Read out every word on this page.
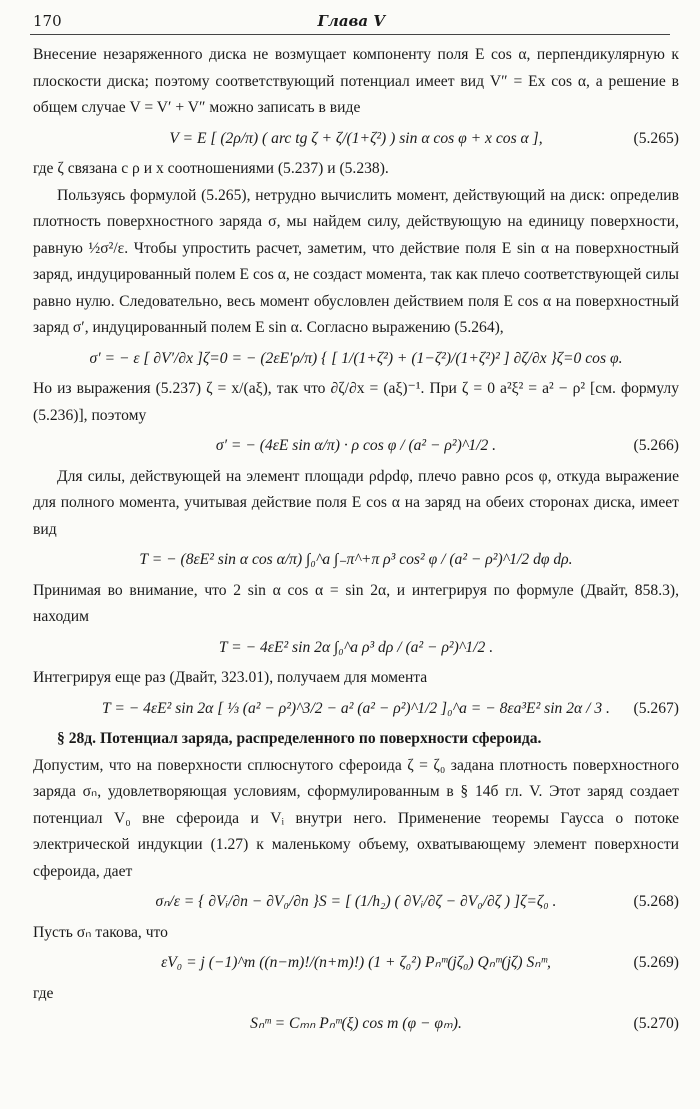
170	Глава V

Внесение незаряженного диска не возмущает компоненту поля E cos α, перпендикулярную к плоскости диска; поэтому соответствующий потенциал имеет вид V″ = Ex cos α, а решение в общем случае V = V′ + V″ можно записать в виде

V = E [ (2ρ/π) ( arc tg ζ + ζ/(1+ζ²) ) sin α cos φ + x cos α ],	(5.265)

где ζ связана с ρ и x соотношениями (5.237) и (5.238).

Пользуясь формулой (5.265), нетрудно вычислить момент, действующий на диск: определив плотность поверхностного заряда σ, мы найдем силу, действующую на единицу поверхности, равную ½σ²/ε. Чтобы упростить расчет, заметим, что действие поля E sin α на поверхностный заряд, индуцированный полем E cos α, не создаст момента, так как плечо соответствующей силы равно нулю. Следовательно, весь момент обусловлен действием поля E cos α на поверхностный заряд σ′, индуцированный полем E sin α. Согласно выражению (5.264),

σ′ = − ε [ ∂V′/∂x ]ζ=0 = − (2εE′ρ/π) { [ 1/(1+ζ²) + (1−ζ²)/(1+ζ²)² ] ∂ζ/∂x }ζ=0 cos φ.

Но из выражения (5.237) ζ = x/(aξ), так что ∂ζ/∂x = (aξ)⁻¹. При ζ = 0 a²ξ² = a² − ρ² [см. формулу (5.236)], поэтому

σ′ = − (4εE sin α/π) · ρ cos φ / (a² − ρ²)^1/2 .	(5.266)

Для силы, действующей на элемент площади ρdρdφ, плечо равно ρcos φ, откуда выражение для полного момента, учитывая действие поля E cos α на заряд на обеих сторонах диска, имеет вид

T = − (8εE² sin α cos α/π) ∫₀^a ∫₋π^+π ρ³ cos² φ / (a² − ρ²)^1/2 dφ dρ.

Принимая во внимание, что 2 sin α cos α = sin 2α, и интегрируя по формуле (Двайт, 858.3), находим

T = − 4εE² sin 2α ∫₀^a ρ³ dρ / (a² − ρ²)^1/2 .

Интегрируя еще раз (Двайт, 323.01), получаем для момента

T = − 4εE² sin 2α [ ⅓ (a² − ρ²)^3/2 − a² (a² − ρ²)^1/2 ]₀^a = − 8εa³E² sin 2α / 3 . (5.267)

§ 28д. Потенциал заряда, распределенного по поверхности сфероида.

Допустим, что на поверхности сплюснутого сфероида ζ = ζ₀ задана плотность поверхностного заряда σₙ, удовлетворяющая условиям, сформулированным в § 14б гл. V. Этот заряд создает потенциал V₀ вне сфероида и Vᵢ внутри него. Применение теоремы Гаусса о потоке электрической индукции (1.27) к маленькому объему, охватывающему элемент поверхности сфероида, дает

σₙ/ε = { ∂Vᵢ/∂n − ∂V₀/∂n }S = [ (1/h₂) ( ∂Vᵢ/∂ζ − ∂V₀/∂ζ ) ]ζ=ζ₀ .	(5.268)

Пусть σₙ такова, что

εV₀ = j (−1)^m ((n−m)!/(n+m)!) (1 + ζ₀²) Pₙᵐ(jζ₀) Qₙᵐ(jζ) Sₙᵐ,	(5.269)

где

Sₙᵐ = Cₘₙ Pₙᵐ(ξ) cos m (φ − φₘ).	(5.270)
